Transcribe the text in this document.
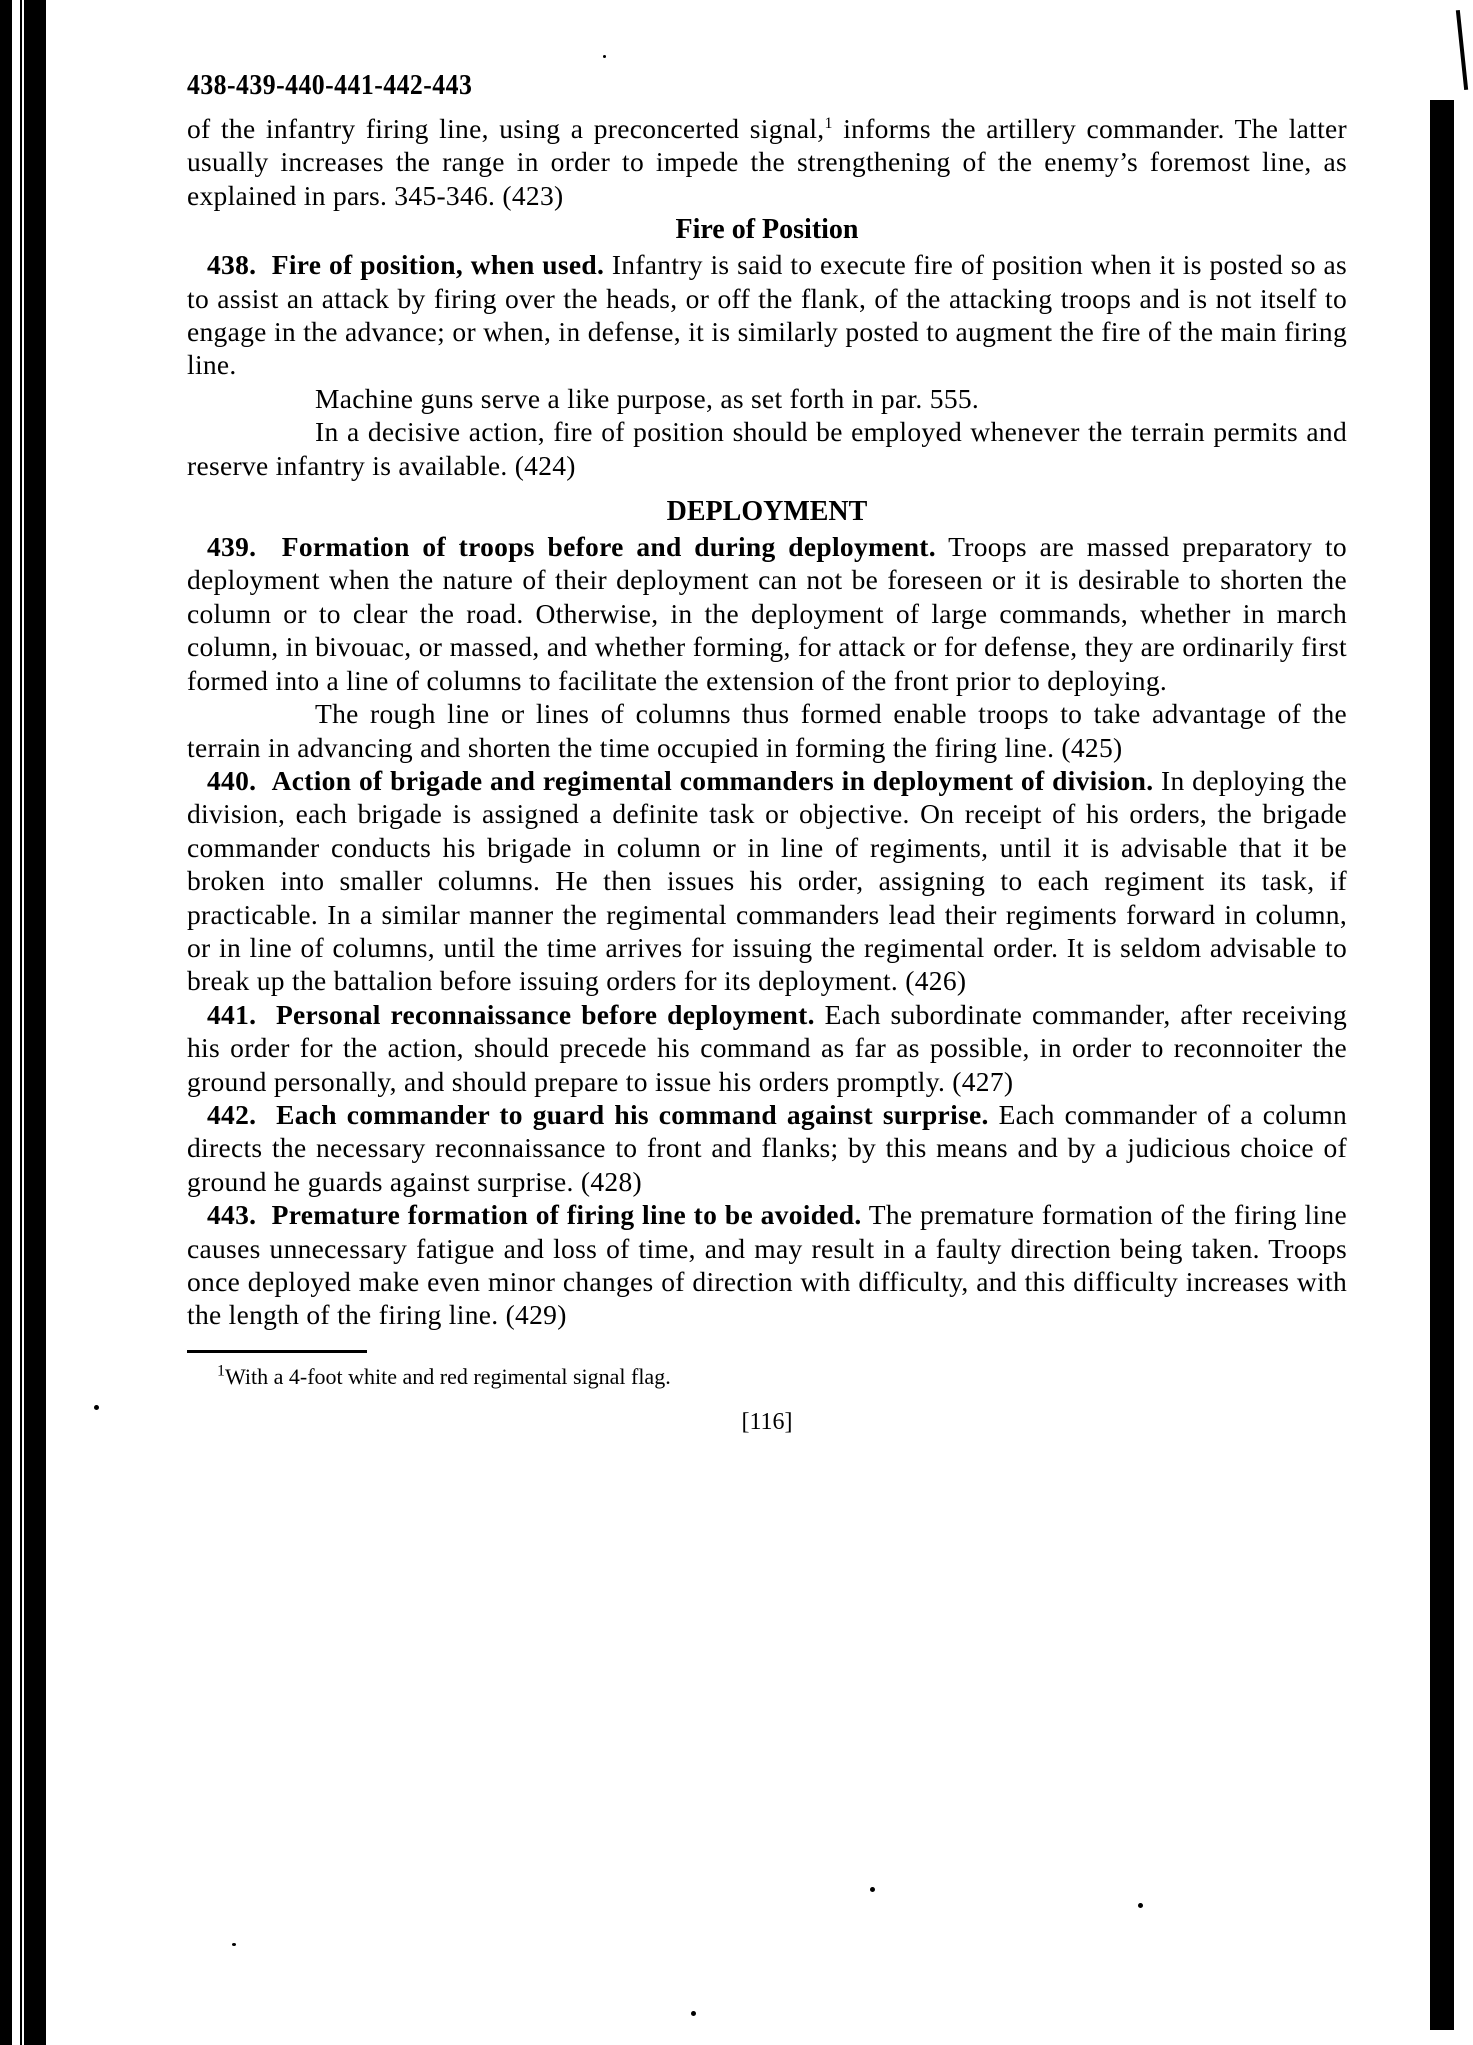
438-439-440-441-442-443

of the infantry firing line, using a preconcerted signal,$^1$ informs the artillery commander. The latter usually increases the range in order to impede the strengthening of the enemy’s foremost line, as explained in pars. 345-346. (423)

Fire of Position

438. Fire of position, when used. Infantry is said to execute fire of position when it is posted so as to assist an attack by firing over the heads, or off the flank, of the attacking troops and is not itself to engage in the advance; or when, in defense, it is similarly posted to augment the fire of the main firing line.

Machine guns serve a like purpose, as set forth in par. 555.

In a decisive action, fire of position should be employed whenever the terrain permits and reserve infantry is available. (424)

DEPLOYMENT

439. Formation of troops before and during deployment. Troops are massed preparatory to deployment when the nature of their deployment can not be foreseen or it is desirable to shorten the column or to clear the road. Otherwise, in the deployment of large commands, whether in march column, in bivouac, or massed, and whether forming, for attack or for defense, they are ordinarily first formed into a line of columns to facilitate the extension of the front prior to deploying.

The rough line or lines of columns thus formed enable troops to take advantage of the terrain in advancing and shorten the time occupied in forming the firing line. (425)

440. Action of brigade and regimental commanders in deployment of division. In deploying the division, each brigade is assigned a definite task or objective. On receipt of his orders, the brigade commander conducts his brigade in column or in line of regiments, until it is advisable that it be broken into smaller columns. He then issues his order, assigning to each regiment its task, if practicable. In a similar manner the regimental commanders lead their regiments forward in column, or in line of columns, until the time arrives for issuing the regimental order. It is seldom advisable to break up the battalion before issuing orders for its deployment. (426)

441. Personal reconnaissance before deployment. Each subordinate commander, after receiving his order for the action, should precede his command as far as possible, in order to reconnoiter the ground personally, and should prepare to issue his orders promptly. (427)

442. Each commander to guard his command against surprise. Each commander of a column directs the necessary reconnaissance to front and flanks; by this means and by a judicious choice of ground he guards against surprise. (428)

443. Premature formation of firing line to be avoided. The premature formation of the firing line causes unnecessary fatigue and loss of time, and may result in a faulty direction being taken. Troops once deployed make even minor changes of direction with difficulty, and this difficulty increases with the length of the firing line. (429)

$^1$With a 4-foot white and red regimental signal flag.
[116]
